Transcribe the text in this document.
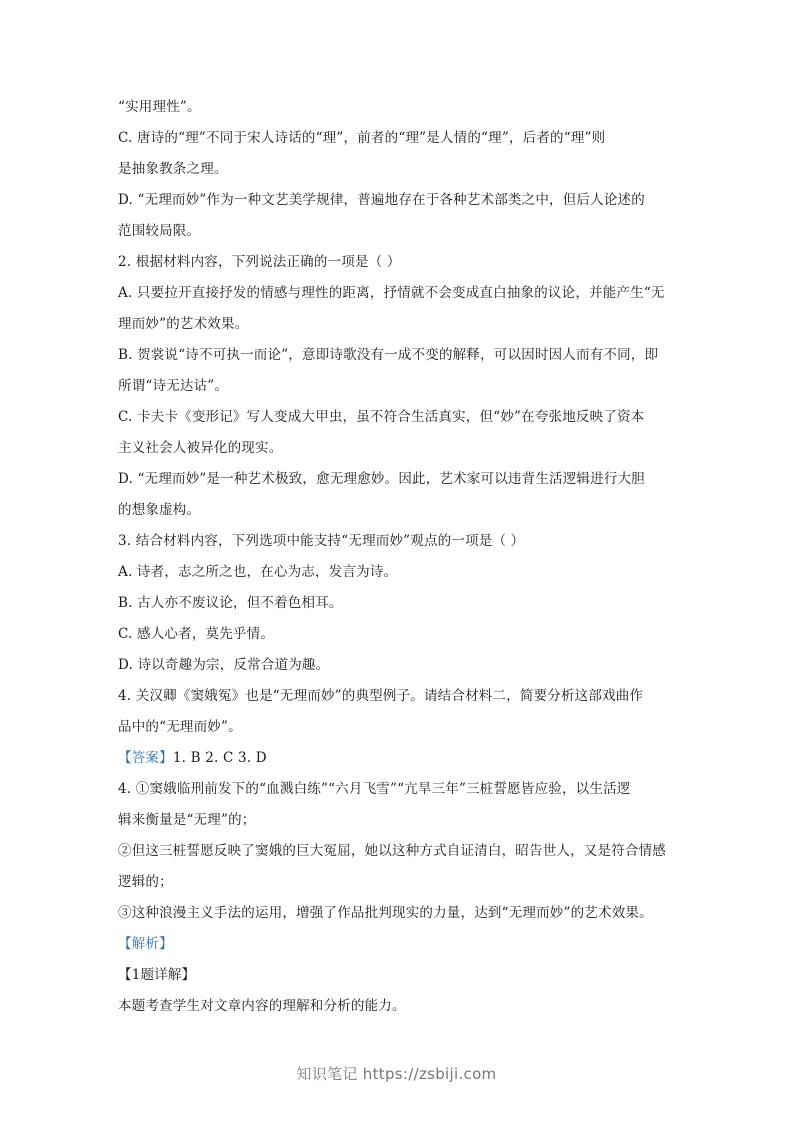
“实用理性”。

C. 唐诗的“理”不同于宋人诗话的“理”，前者的“理”是人情的“理”，后者的“理”则

是抽象教条之理。

D. “无理而妙”作为一种文艺美学规律，普遍地存在于各种艺术部类之中，但后人论述的

范围较局限。

2. 根据材料内容，下列说法正确的一项是（ ）

A. 只要拉开直接抒发的情感与理性的距离，抒情就不会变成直白抽象的议论，并能产生“无

理而妙”的艺术效果。

B. 贺裳说“诗不可执一而论”，意即诗歌没有一成不变的解释，可以因时因人而有不同，即

所谓“诗无达诂”。

C. 卡夫卡《变形记》写人变成大甲虫，虽不符合生活真实，但“妙”在夸张地反映了资本

主义社会人被异化的现实。

D. “无理而妙”是一种艺术极致，愈无理愈妙。因此，艺术家可以违背生活逻辑进行大胆

的想象虚构。

3. 结合材料内容，下列选项中能支持“无理而妙”观点的一项是（ ）

A. 诗者，志之所之也，在心为志，发言为诗。

B. 古人亦不废议论，但不着色相耳。

C. 感人心者，莫先乎情。

D. 诗以奇趣为宗，反常合道为趣。

4. 关汉卿《窦娥冤》也是“无理而妙”的典型例子。请结合材料二，简要分析这部戏曲作

品中的“无理而妙”。

【答案】1. B 2. C 3. D

4. ①窦娥临刑前发下的“血溅白练”“六月飞雪”“亢旱三年”三桩誓愿皆应验，以生活逻

辑来衡量是“无理”的；

②但这三桩誓愿反映了窦娥的巨大冤屈，她以这种方式自证清白，昭告世人，又是符合情感

逻辑的；

③这种浪漫主义手法的运用，增强了作品批判现实的力量，达到“无理而妙”的艺术效果。

【解析】

【1题详解】

本题考查学生对文章内容的理解和分析的能力。

知识笔记 https://zsbiji.com
